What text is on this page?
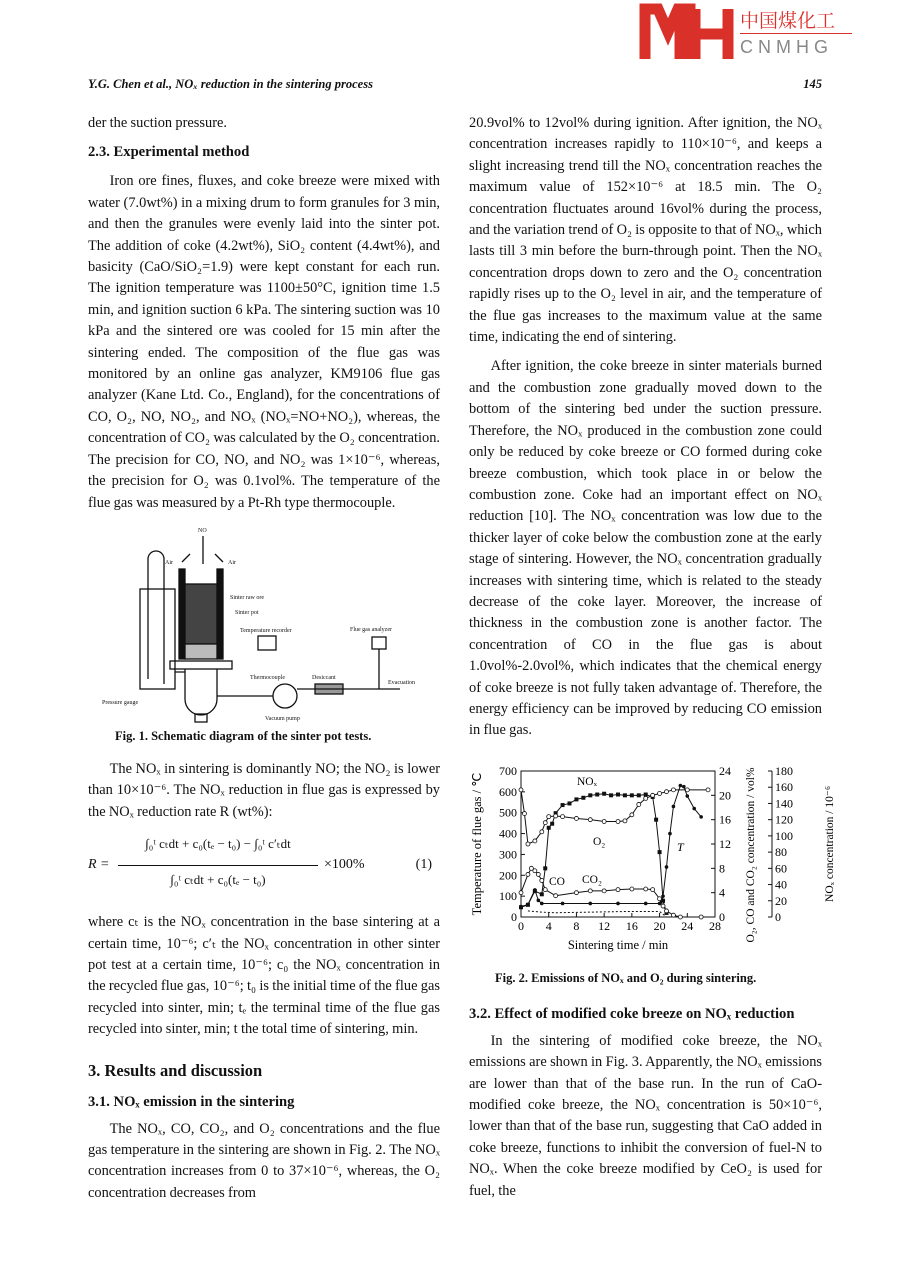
Y.G. Chen et al., NOₓ reduction in the sintering process	145

der the suction pressure.

2.3. Experimental method

Iron ore fines, fluxes, and coke breeze were mixed with water (7.0wt%) in a mixing drum to form granules for 3 min, and then the granules were evenly laid into the sinter pot. The addition of coke (4.2wt%), SiO₂ content (4.4wt%), and basicity (CaO/SiO₂=1.9) were kept constant for each run. The ignition temperature was 1100±50°C, ignition time 1.5 min, and ignition suction 6 kPa. The sintering suction was 10 kPa and the sintered ore was cooled for 15 min after the sintering ended. The composition of the flue gas was monitored by an online gas analyzer, KM9106 flue gas analyzer (Kane Ltd. Co., England), for the concentrations of CO, O₂, NO, NO₂, and NOₓ (NOₓ=NO+NO₂), whereas, the concentration of CO₂ was calculated by the O₂ concentration. The precision for CO, NO, and NO₂ was 1×10⁻⁶, whereas, the precision for O₂ was 0.1vol%. The temperature of the flue gas was measured by a Pt-Rh type thermocouple.

NO
Air	Air
Sinter raw ore
Sinter pot
Temperature recorder	Flue gas analyzer
Thermocouple	Desiccant
Evacuation
Pressure gauge
Vacuum pump
Fig. 1. Schematic diagram of the sinter pot tests.

The NOₓ in sintering is dominantly NO; the NO₂ is lower than 10×10⁻⁶. The NOₓ reduction in flue gas is expressed by the NOₓ reduction rate R (wt%):

R =
∫₀ᵗ cₜdt + c₀(tₑ − t₀) − ∫₀ᵗ c′ₜdt
∫₀ᵗ cₜdt + c₀(tₑ − t₀)
×100%	(1)

where cₜ is the NOₓ concentration in the base sintering at a certain time, 10⁻⁶; c′ₜ the NOₓ concentration in other sinter pot test at a certain time, 10⁻⁶; c₀ the NOₓ concentration in the recycled flue gas, 10⁻⁶; t₀ is the initial time of the flue gas recycled into sinter, min; tₑ the terminal time of the flue gas recycled into sinter, min; t the total time of sintering, min.

3. Results and discussion
3.1. NOₓ emission in the sintering

The NOₓ, CO, CO₂, and O₂ concentrations and the flue gas temperature in the sintering are shown in Fig. 2. The NOₓ concentration increases from 0 to 37×10⁻⁶, whereas, the O₂ concentration decreases from

20.9vol% to 12vol% during ignition. After ignition, the NOₓ concentration increases rapidly to 110×10⁻⁶, and keeps a slight increasing trend till the NOₓ concentration reaches the maximum value of 152×10⁻⁶ at 18.5 min. The O₂ concentration fluctuates around 16vol% during the process, and the variation trend of O₂ is opposite to that of NOₓ, which lasts till 3 min before the burn-through point. Then the NOₓ concentration drops down to zero and the O₂ concentration rapidly rises up to the O₂ level in air, and the temperature of the flue gas increases to the maximum value at the same time, indicating the end of sintering.

After ignition, the coke breeze in sinter materials burned and the combustion zone gradually moved down to the bottom of the sintering bed under the suction pressure. Therefore, the NOₓ produced in the combustion zone could only be reduced by coke breeze or CO formed during coke breeze combustion, which took place in or below the combustion zone. Coke had an important effect on NOₓ reduction [10]. The NOₓ concentration was low due to the thicker layer of coke below the combustion zone at the early stage of sintering. However, the NOₓ concentration gradually increases with sintering time, which is related to the steady decrease of the coke layer. Moreover, the increase of thickness in the combustion zone is another factor. The concentration of CO in the flue gas is about 1.0vol%-2.0vol%, which indicates that the chemical energy of coke breeze is not fully taken advantage of. Therefore, the energy efficiency can be improved by reducing CO emission in flue gas.

0 4 8 12 16 20 24 28
Sintering time / min
0
100
200
300
400
500
600
700
Temperature of flue gas / ℃
0
4
8
12
16
20
24 O₂, CO and CO₂ concentration / vol% 0
20
40
60
80
100
120
140
160
180
NOₓ concentration / 10⁻⁶
NOₓ
O₂	T
CO CO₂
Fig. 2. Emissions of NOₓ and O₂ during sintering.
3.2. Effect of modified coke breeze on NOₓ reduction

In the sintering of modified coke breeze, the NOₓ emissions are shown in Fig. 3. Apparently, the NOₓ emissions are lower than that of the base run. In the run of CaO-modified coke breeze, the NOₓ concentration is 50×10⁻⁶, lower than that of the base run, suggesting that CaO added in coke breeze, functions to inhibit the conversion of fuel-N to NOₓ. When the coke breeze modified by CeO₂ is used for fuel, the

中国煤化工
C N M H G
